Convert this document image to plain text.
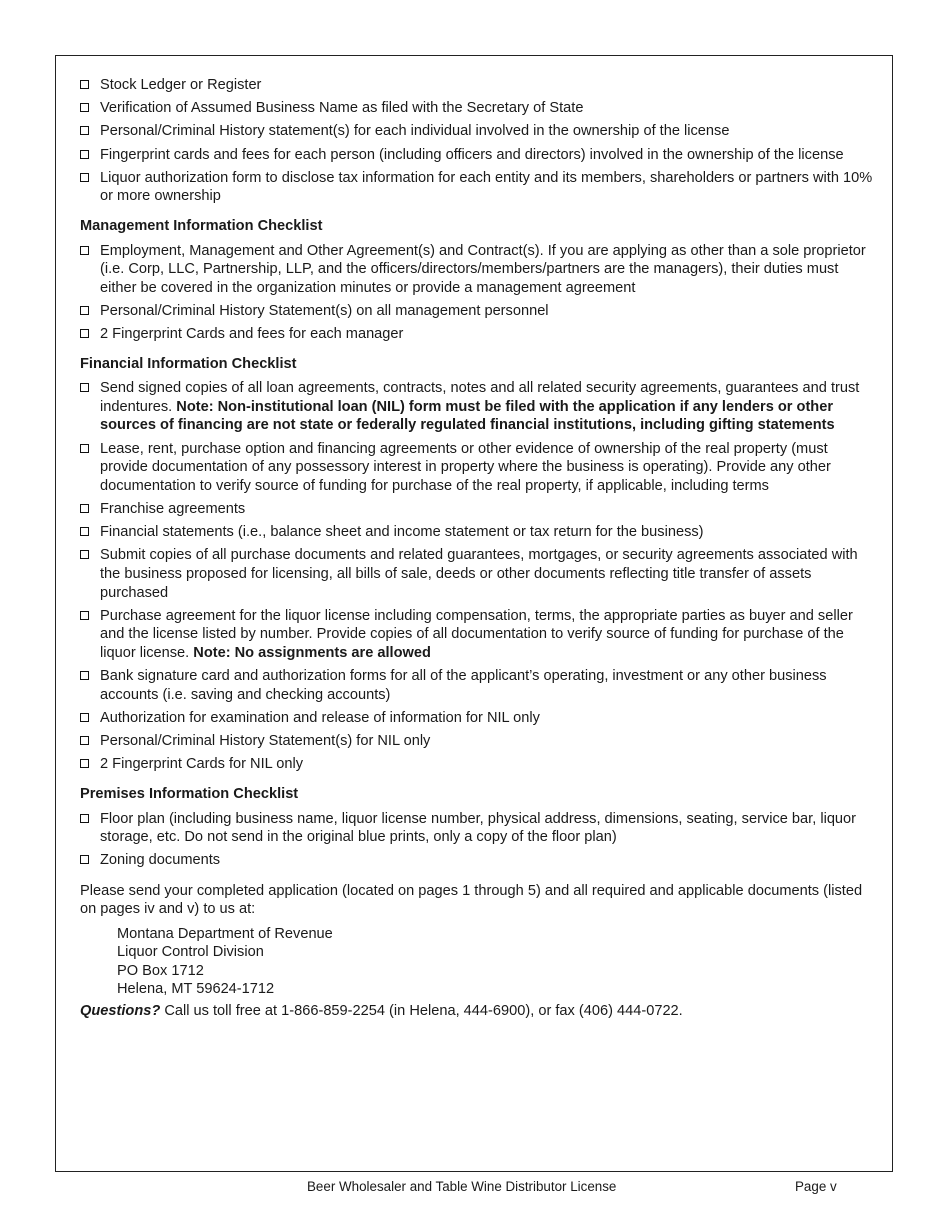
Stock Ledger or Register
Verification of Assumed Business Name as filed with the Secretary of State
Personal/Criminal History statement(s) for each individual involved in the ownership of the license
Fingerprint cards and fees for each person (including officers and directors) involved in the ownership of the license
Liquor authorization form to disclose tax information for each entity and its members, shareholders or partners with 10% or more ownership
Management Information Checklist
Employment, Management and Other Agreement(s) and Contract(s). If you are applying as other than a sole proprietor (i.e. Corp, LLC, Partnership, LLP, and the officers/directors/members/partners are the managers), their duties must either be covered in the organization minutes or provide a management agreement
Personal/Criminal History Statement(s) on all management personnel
2 Fingerprint Cards and fees for each manager
Financial Information Checklist
Send signed copies of all loan agreements, contracts, notes and all related security agreements, guarantees and trust indentures. Note: Non-institutional loan (NIL) form must be filed with the application if any lenders or other sources of financing are not state or federally regulated financial institutions, including gifting statements
Lease, rent, purchase option and financing agreements or other evidence of ownership of the real property (must provide documentation of any possessory interest in property where the business is operating). Provide any other documentation to verify source of funding for purchase of the real property, if applicable, including terms
Franchise agreements
Financial statements (i.e., balance sheet and income statement or tax return for the business)
Submit copies of all purchase documents and related guarantees, mortgages, or security agreements associated with the business proposed for licensing, all bills of sale, deeds or other documents reflecting title transfer of assets purchased
Purchase agreement for the liquor license including compensation, terms, the appropriate parties as buyer and seller and the license listed by number. Provide copies of all documentation to verify source of funding for purchase of the liquor license. Note: No assignments are allowed
Bank signature card and authorization forms for all of the applicant’s operating, investment or any other business accounts (i.e. saving and checking accounts)
Authorization for examination and release of information for NIL only
Personal/Criminal History Statement(s) for NIL only
2 Fingerprint Cards for NIL only
Premises Information Checklist
Floor plan (including business name, liquor license number, physical address, dimensions, seating, service bar, liquor storage, etc. Do not send in the original blue prints, only a copy of the floor plan)
Zoning documents
Please send your completed application (located on pages 1 through 5) and all required and applicable documents (listed on pages iv and v) to us at:
Montana Department of Revenue
Liquor Control Division
PO Box 1712
Helena, MT 59624-1712
Questions? Call us toll free at 1-866-859-2254 (in Helena, 444-6900), or fax (406) 444-0722.
Beer Wholesaler and Table Wine Distributor License	Page v
